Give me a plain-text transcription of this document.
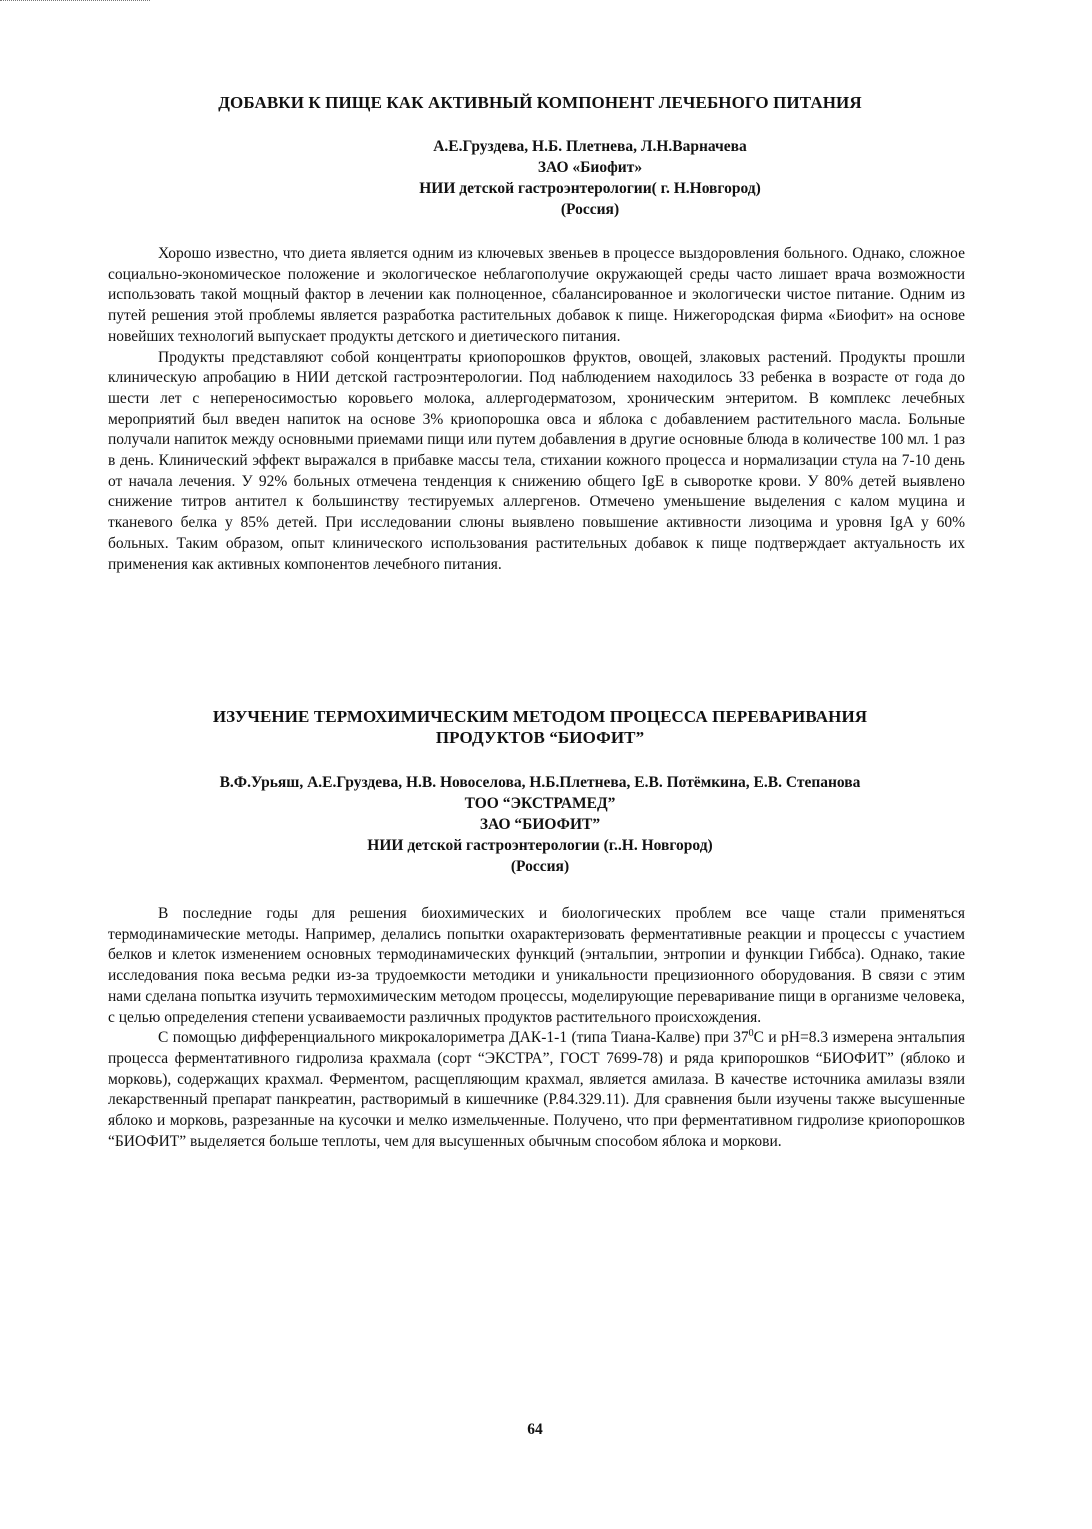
ДОБАВКИ К ПИЩЕ КАК АКТИВНЫЙ КОМПОНЕНТ ЛЕЧЕБНОГО ПИТАНИЯ
А.Е.Груздева, Н.Б. Плетнева, Л.Н.Варначева
ЗАО «Биофит»
НИИ детской гастроэнтерологии( г. Н.Новгород)
(Россия)

Хорошо известно, что диета является одним из ключевых звеньев в процессе выздоровления больного. Однако, сложное социально-экономическое положение и экологическое неблагополучие окружающей среды часто лишает врача возможности использовать такой мощный фактор в лечении как полноценное, сбалансированное и экологически чистое питание. Одним из путей решения этой проблемы является разработка растительных добавок к пище. Нижегородская фирма «Биофит» на основе новейших технологий выпускает продукты детского и диетического питания.

Продукты представляют собой концентраты криопорошков фруктов, овощей, злаковых растений. Продукты прошли клиническую апробацию в НИИ детской гастроэнтерологии. Под наблюдением находилось 33 ребенка в возрасте от года до шести лет с непереносимостью коровьего молока, аллергодерматозом, хроническим энтеритом. В комплекс лечебных мероприятий был введен напиток на основе 3% криопорошка овса и яблока с добавлением растительного масла. Больные получали напиток между основными приемами пищи или путем добавления в другие основные блюда в количестве 100 мл. 1 раз в день. Клинический эффект выражался в прибавке массы тела, стихании кожного процесса и нормализации стула на 7-10 день от начала лечения. У 92% больных отмечена тенденция к снижению общего IgE в сыворотке крови. У 80% детей выявлено снижение титров антител к большинству тестируемых аллергенов. Отмечено уменьшение выделения с калом муцина и тканевого белка у 85% детей. При исследовании слюны выявлено повышение активности лизоцима и уровня IgA у 60% больных. Таким образом, опыт клинического использования растительных добавок к пище подтверждает актуальность их применения как активных компонентов лечебного питания.

ИЗУЧЕНИЕ ТЕРМОХИМИЧЕСКИМ МЕТОДОМ ПРОЦЕССА ПЕРЕВАРИВАНИЯ
ПРОДУКТОВ “БИОФИТ”
В.Ф.Урьяш, А.Е.Груздева, Н.В. Новоселова, Н.Б.Плетнева, Е.В. Потёмкина, Е.В. Степанова
ТОО “ЭКСТРАМЕД”
ЗАО “БИОФИТ”
НИИ детской гастроэнтерологии (г..Н. Новгород)
(Россия)

В последние годы для решения биохимических и биологических проблем все чаще стали применяться термодинамические методы. Например, делались попытки охарактеризовать ферментативные реакции и процессы с участием белков и клеток изменением основных термодинамических функций (энтальпии, энтропии и функции Гиббса). Однако, такие исследования пока весьма редки из-за трудоемкости методики и уникальности прецизионного оборудования. В связи с этим нами сделана попытка изучить термохимическим методом процессы, моделирующие переваривание пищи в организме человека, с целью определения степени усваиваемости различных продуктов растительного происхождения.

С помощью дифференциального микрокалориметра ДАК-1-1 (типа Тиана-Калве) при $37^0С$ и pH=8.3 измерена энтальпия процесса ферментативного гидролиза крахмала (сорт “ЭКСТРА”, ГОСТ 7699-78) и ряда крипорошков “БИОФИТ” (яблоко и морковь), содержащих крахмал. Ферментом, расщепляющим крахмал, является амилаза. В качестве источника амилазы взяли лекарственный препарат панкреатин, растворимый в кишечнике (Р.84.329.11). Для сравнения были изучены также высушенные яблоко и морковь, разрезанные на кусочки и мелко измельченные. Получено, что при ферментативном гидролизе криопорошков “БИОФИТ” выделяется больше теплоты, чем для высушенных обычным способом яблока и моркови.

64
